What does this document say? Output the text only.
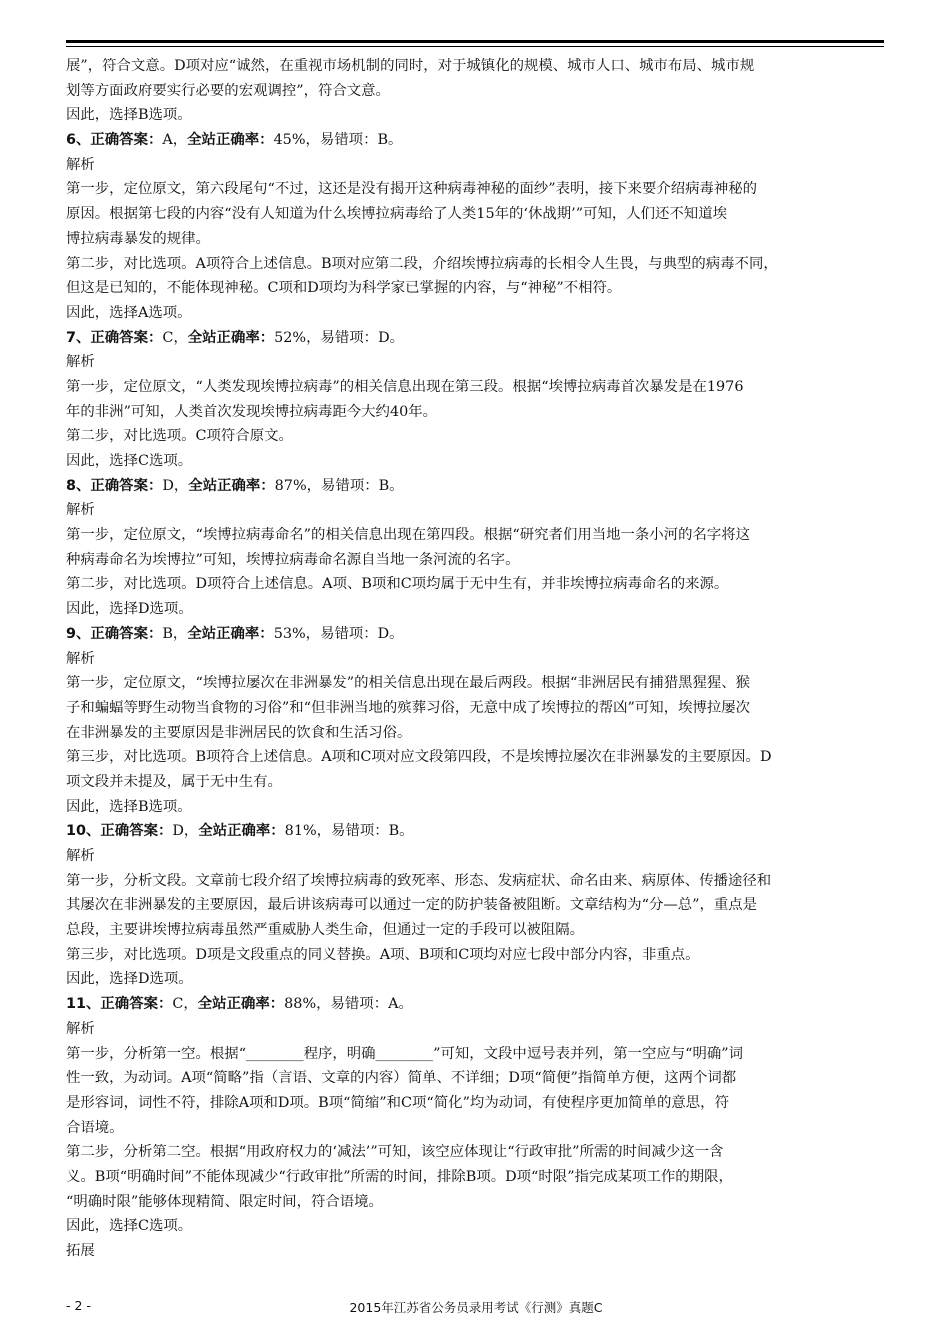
展”，符合文意。D项对应“诚然，在重视市场机制的同时，对于城镇化的规模、城市人口、城市布局、城市规
划等方面政府要实行必要的宏观调控”，符合文意。
因此，选择B选项。
6、正确答案：A，全站正确率：45%，易错项：B。
解析
第一步，定位原文，第六段尾句“不过，这还是没有揭开这种病毒神秘的面纱”表明，接下来要介绍病毒神秘的
原因。根据第七段的内容“没有人知道为什么埃博拉病毒给了人类15年的‘休战期’”可知，人们还不知道埃
博拉病毒暴发的规律。
第二步，对比选项。A项符合上述信息。B项对应第二段，介绍埃博拉病毒的长相令人生畏，与典型的病毒不同，
但这是已知的，不能体现神秘。C项和D项均为科学家已掌握的内容，与“神秘”不相符。
因此，选择A选项。
7、正确答案：C，全站正确率：52%，易错项：D。
解析
第一步，定位原文，“人类发现埃博拉病毒”的相关信息出现在第三段。根据“埃博拉病毒首次暴发是在1976
年的非洲”可知，人类首次发现埃博拉病毒距今大约40年。
第二步，对比选项。C项符合原文。
因此，选择C选项。
8、正确答案：D，全站正确率：87%，易错项：B。
解析
第一步，定位原文，“埃博拉病毒命名”的相关信息出现在第四段。根据“研究者们用当地一条小河的名字将这
种病毒命名为埃博拉”可知，埃博拉病毒命名源自当地一条河流的名字。
第二步，对比选项。D项符合上述信息。A项、B项和C项均属于无中生有，并非埃博拉病毒命名的来源。
因此，选择D选项。
9、正确答案：B，全站正确率：53%，易错项：D。
解析
第一步，定位原文，“埃博拉屡次在非洲暴发”的相关信息出现在最后两段。根据“非洲居民有捕猎黑猩猩、猴
子和蝙蝠等野生动物当食物的习俗”和“但非洲当地的殡葬习俗，无意中成了埃博拉的帮凶”可知，埃博拉屡次
在非洲暴发的主要原因是非洲居民的饮食和生活习俗。
第三步，对比选项。B项符合上述信息。A项和C项对应文段第四段，不是埃博拉屡次在非洲暴发的主要原因。D
项文段并未提及，属于无中生有。
因此，选择B选项。
10、正确答案：D，全站正确率：81%，易错项：B。
解析
第一步，分析文段。文章前七段介绍了埃博拉病毒的致死率、形态、发病症状、命名由来、病原体、传播途径和
其屡次在非洲暴发的主要原因，最后讲该病毒可以通过一定的防护装备被阻断。文章结构为“分—总”，重点是
总段，主要讲埃博拉病毒虽然严重威胁人类生命，但通过一定的手段可以被阻隔。
第三步，对比选项。D项是文段重点的同义替换。A项、B项和C项均对应七段中部分内容，非重点。
因此，选择D选项。
11、正确答案：C，全站正确率：88%，易错项：A。
解析
第一步，分析第一空。根据“________程序，明确________”可知，文段中逗号表并列，第一空应与“明确”词
性一致，为动词。A项“简略”指（言语、文章的内容）简单、不详细；D项“简便”指简单方便，这两个词都
是形容词，词性不符，排除A项和D项。B项“简缩”和C项“简化”均为动词，有使程序更加简单的意思，符
合语境。
第二步，分析第二空。根据“用政府权力的‘减法’”可知，该空应体现让“行政审批”所需的时间减少这一含
义。B项“明确时间”不能体现减少“行政审批”所需的时间，排除B项。D项“时限”指完成某项工作的期限，
“明确时限”能够体现精简、限定时间，符合语境。
因此，选择C选项。
拓展
- 2 -	2015年江苏省公务员录用考试《行测》真题C
